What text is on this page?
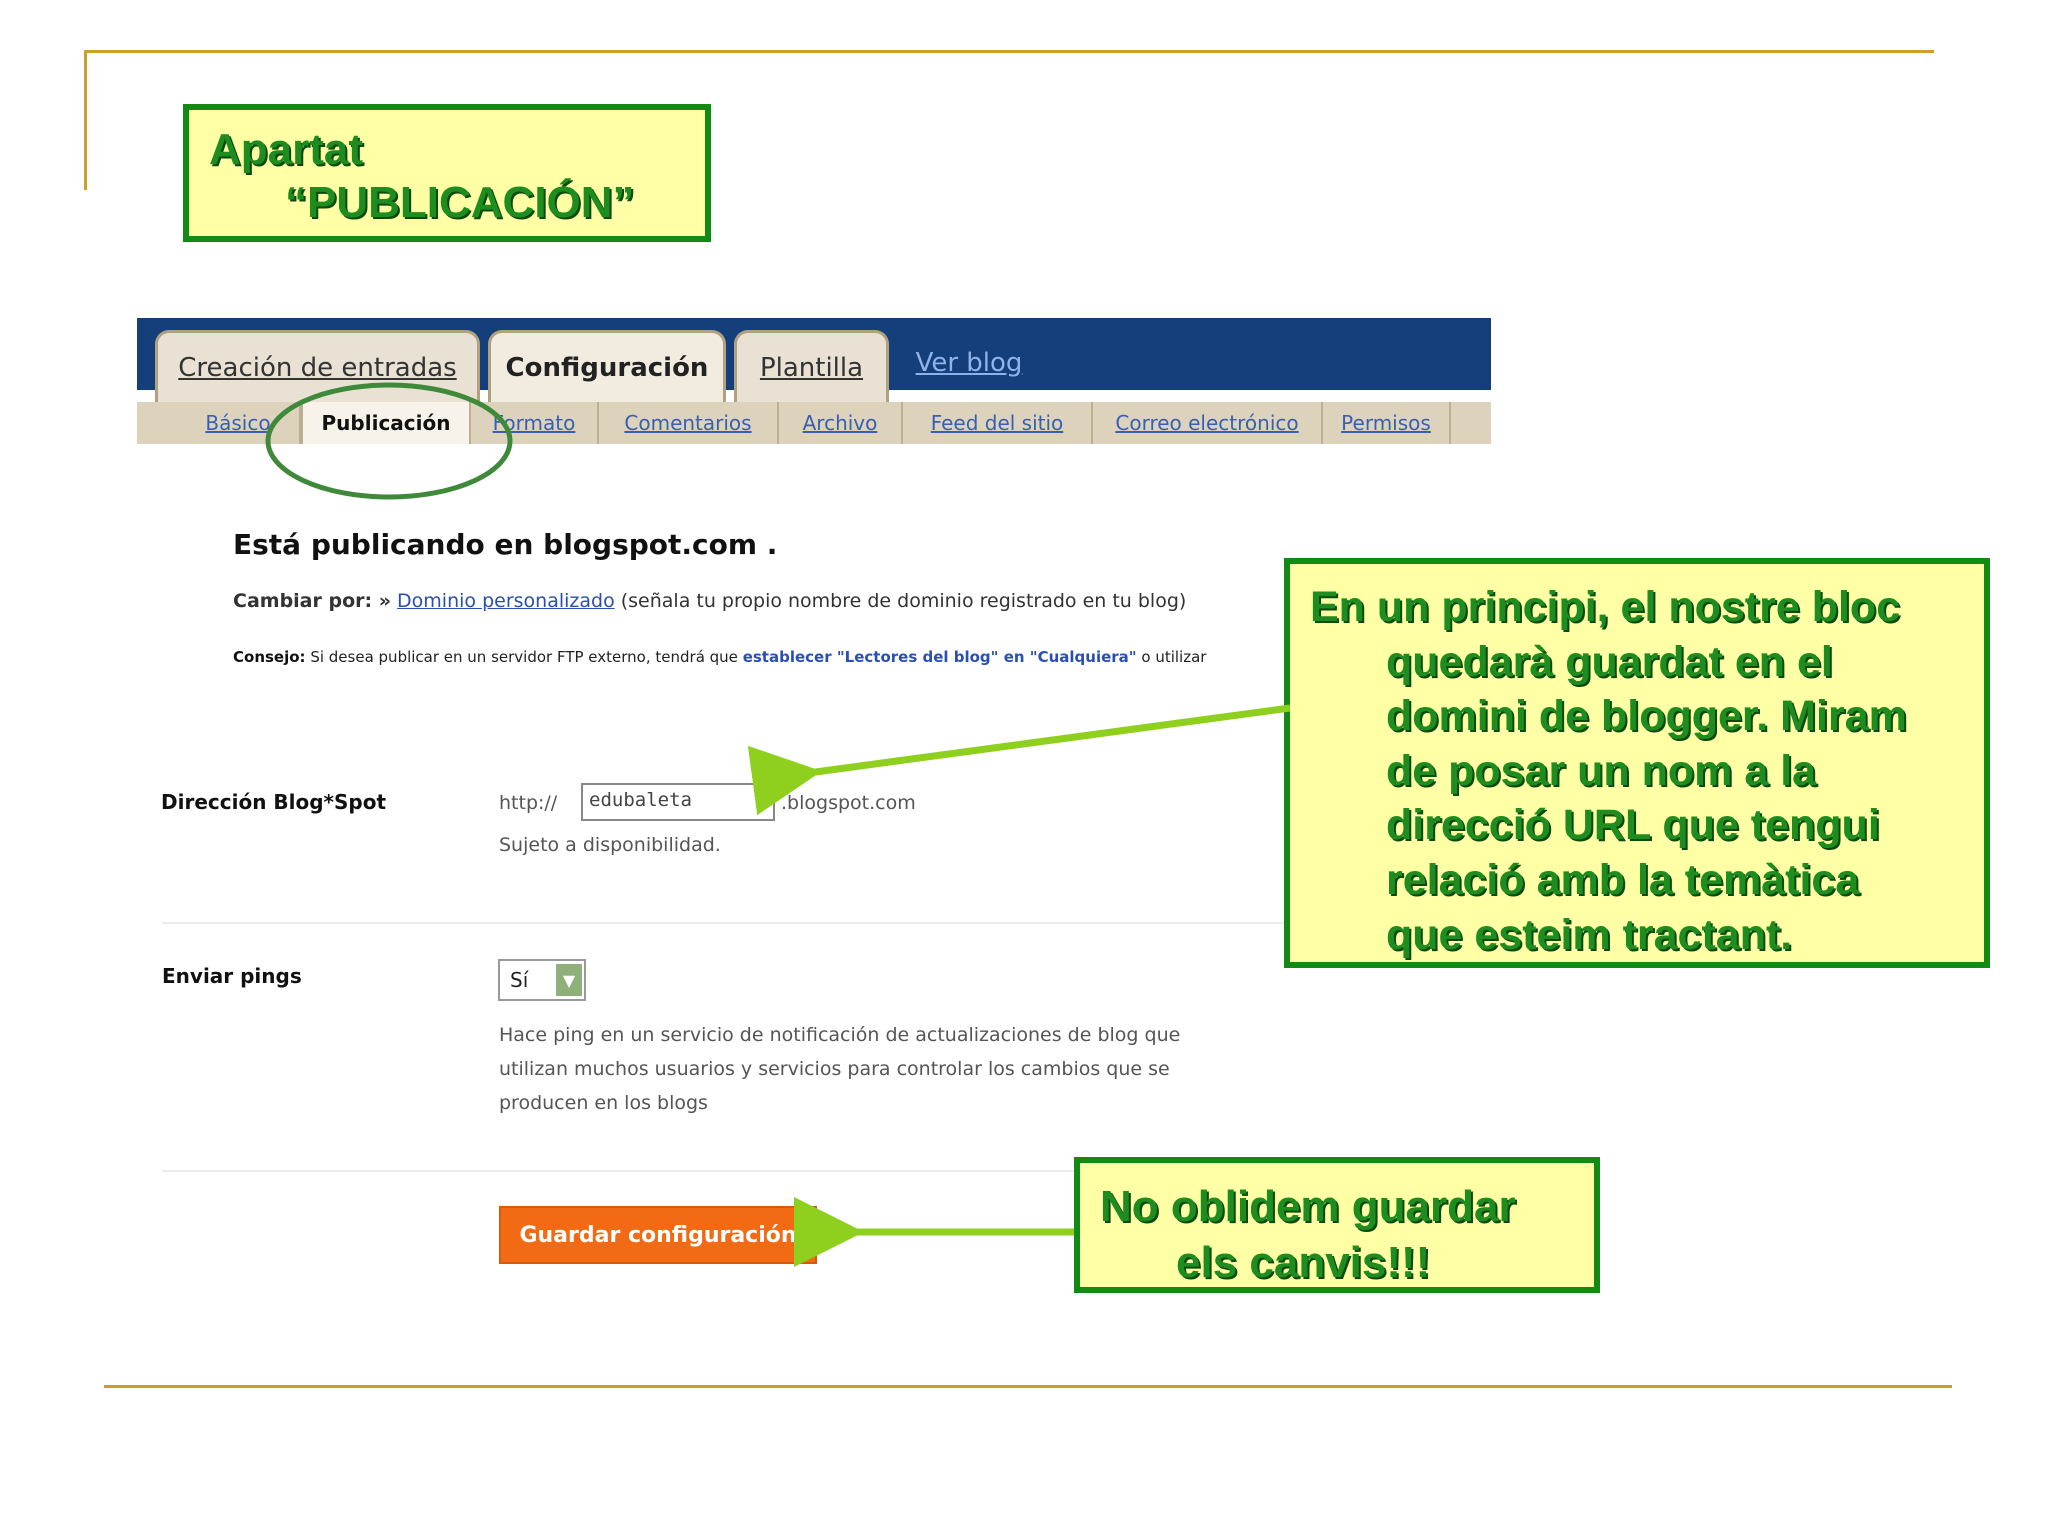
Apartat
“PUBLICACIÓN”
Creación de entradas	Configuración	Plantilla	Ver blog
Básico	Publicación	Formato	Comentarios	Archivo	Feed del sitio	Correo electrónico	Permisos
Está publicando en blogspot.com .
Cambiar por: » Dominio personalizado (señala tu propio nombre de dominio registrado en tu blog)
Consejo: Si desea publicar en un servidor FTP externo, tendrá que establecer "Lectores del blog" en "Cualquiera" o utilizar
Dirección Blog*Spot	http://	edubaleta	.blogspot.com
Sujeto a disponibilidad.
Enviar pings	Sí	▼
Hace ping en un servicio de notificación de actualizaciones de blog que
utilizan muchos usuarios y servicios para controlar los cambios que se
producen en los blogs
Guardar configuración
En un principi, el nostre bloc
quedarà guardat en el
domini de blogger. Miram
de posar un nom a la
direcció URL que tengui
relació amb la temàtica
que esteim tractant.
No oblidem guardar
els canvis!!!
